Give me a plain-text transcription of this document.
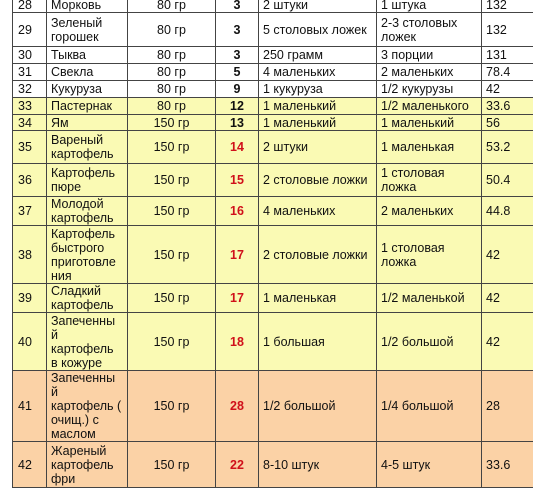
28	Морковь	80 гр	3	2 штуки	1 штука	132
29	Зеленый горошек	80 гр	3	5 столовых ложек	2-3 столовых ложек	132
30	Тыква	80 гр	3	250 грамм	3 порции	131
31	Свекла	80 гр	5	4 маленьких	2 маленьких	78.4
32	Кукуруза	80 гр	9	1 кукуруза	1/2 кукурузы	42
33	Пастернак	80 гр	12	1 маленький	1/2 маленького	33.6
34	Ям	150 гр	13	1 маленький	1 маленький	56
35	Вареный картофель	150 гр	14	2 штуки	1 маленькая	53.2
36	Картофель пюре	150 гр	15	2 столовые ложки	1 столовая ложка	50.4
37	Молодой картофель	150 гр	16	4 маленьких	2 маленьких	44.8
38	Картофель быстрого приготовле ния	150 гр	17	2 столовые ложки	1 столовая ложка	42
39	Сладкий картофель	150 гр	17	1 маленькая	1/2 маленькой	42
40	Запеченны й картофель в кожуре	150 гр	18	1 большая	1/2 большой	42
41	Запеченны й картофель ( очищ.) с маслом	150 гр	28	1/2 большой	1/4 большой	28
42	Жареный картофель фри	150 гр	22	8-10 штук	4-5 штук	33.6
